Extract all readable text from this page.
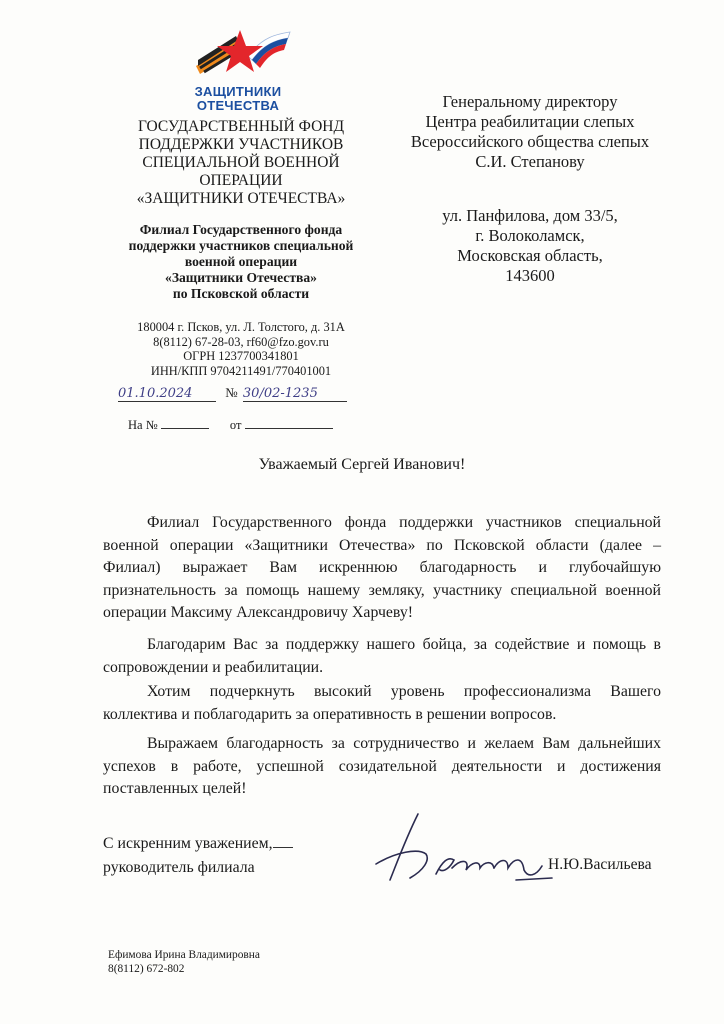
ЗАЩИТНИКИ
ОТЕЧЕСТВА
ГОСУДАРСТВЕННЫЙ ФОНД
ПОДДЕРЖКИ УЧАСТНИКОВ
СПЕЦИАЛЬНОЙ ВОЕННОЙ
ОПЕРАЦИИ
«ЗАЩИТНИКИ ОТЕЧЕСТВА»
Филиал Государственного фонда
поддержки участников специальной
военной операции
«Защитники Отечества»
по Псковской области
180004 г. Псков, ул. Л. Толстого, д. 31А
8(8112) 67-28-03, rf60@fzo.gov.ru
ОГРН 1237700341801
ИНН/КПП 9704211491/770401001
01.10.2024	№ 30/02-1235
На №	от
Генеральному директору
Центра реабилитации слепых
Всероссийского общества слепых
С.И. Степанову
ул. Панфилова, дом 33/5,
г. Волоколамск,
Московская область,
143600
Уважаемый Сергей Иванович!
Филиал Государственного фонда поддержки участников специальной военной операции «Защитники Отечества» по Псковской области (далее – Филиал) выражает Вам искреннюю благодарность и глубочайшую признательность за помощь нашему земляку, участнику специальной военной операции Максиму Александровичу Харчеву!
Благодарим Вас за поддержку нашего бойца, за содействие и помощь в сопровождении и реабилитации.
Хотим подчеркнуть высокий уровень профессионализма Вашего коллектива и поблагодарить за оперативность в решении вопросов.
Выражаем благодарность за сотрудничество и желаем Вам дальнейших успехов в работе, успешной созидательной деятельности и достижения поставленных целей!
С искренним уважением,
руководитель филиала	Н.Ю.Васильева
Ефимова Ирина Владимировна
8(8112) 672-802
